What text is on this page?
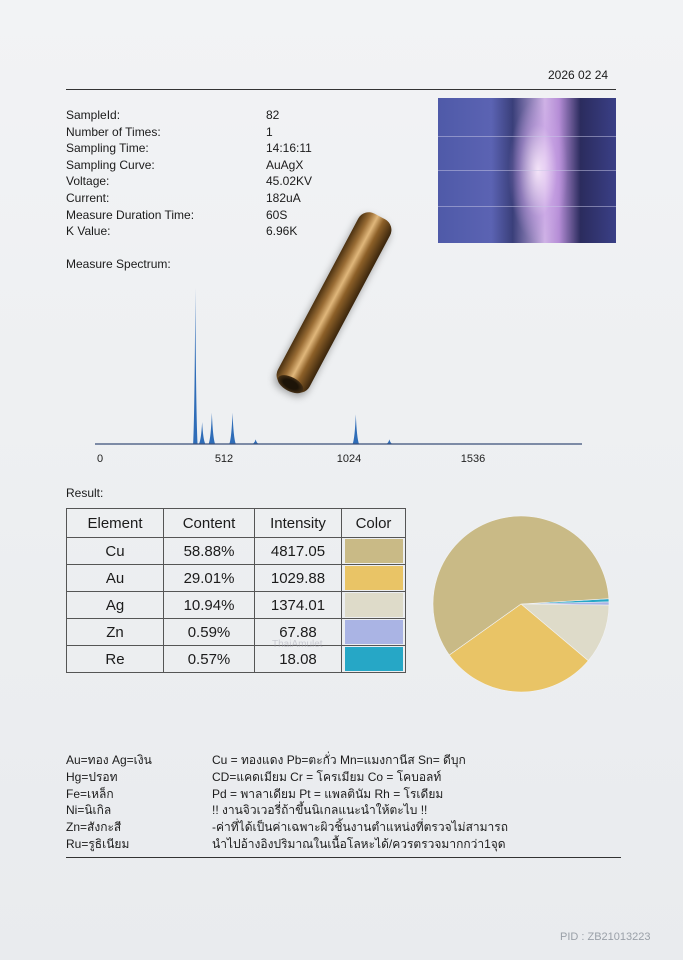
2026 02 24
SampleId:	82
Number of Times:	1
Sampling Time:	14:16:11
Sampling Curve:	AuAgX
Voltage:	45.02KV
Current:	182uA
Measure Duration Time:	60S
K Value:	6.96K
Measure Spectrum:
0	512	1024	1536
Result:
Element	Content	Intensity	Color
Cu	58.88%	4817.05	

Au	29.01%	1029.88	

Ag	10.94%	1374.01	

Zn	0.59%	67.88	

Re	0.57%	18.08	
ThaiAmulet
Au=ทอง Ag=เงิน	Cu = ทองแดง Pb=ตะกั่ว Mn=แมงกานีส Sn= ดีบุก
Hg=ปรอท	CD=แคดเมียม Cr = โครเมียม Co = โคบอลท์
Fe=เหล็ก	Pd = พาลาเดียม Pt = แพลตินัม Rh = โรเดียม
Ni=นิเกิล	!! งานจิวเวอรี่ถ้าขึ้นนิเกลแนะนำให้ตะไบ !!
Zn=สังกะสี	-ค่าที่ได้เป็นค่าเฉพาะผิวชิ้นงานตำแหน่งที่ตรวจไม่สามารถ
Ru=รูธิเนียม	นำไปอ้างอิงปริมาณในเนื้อโลหะได้/ควรตรวจมากกว่า1จุด
PID : ZB21013223
